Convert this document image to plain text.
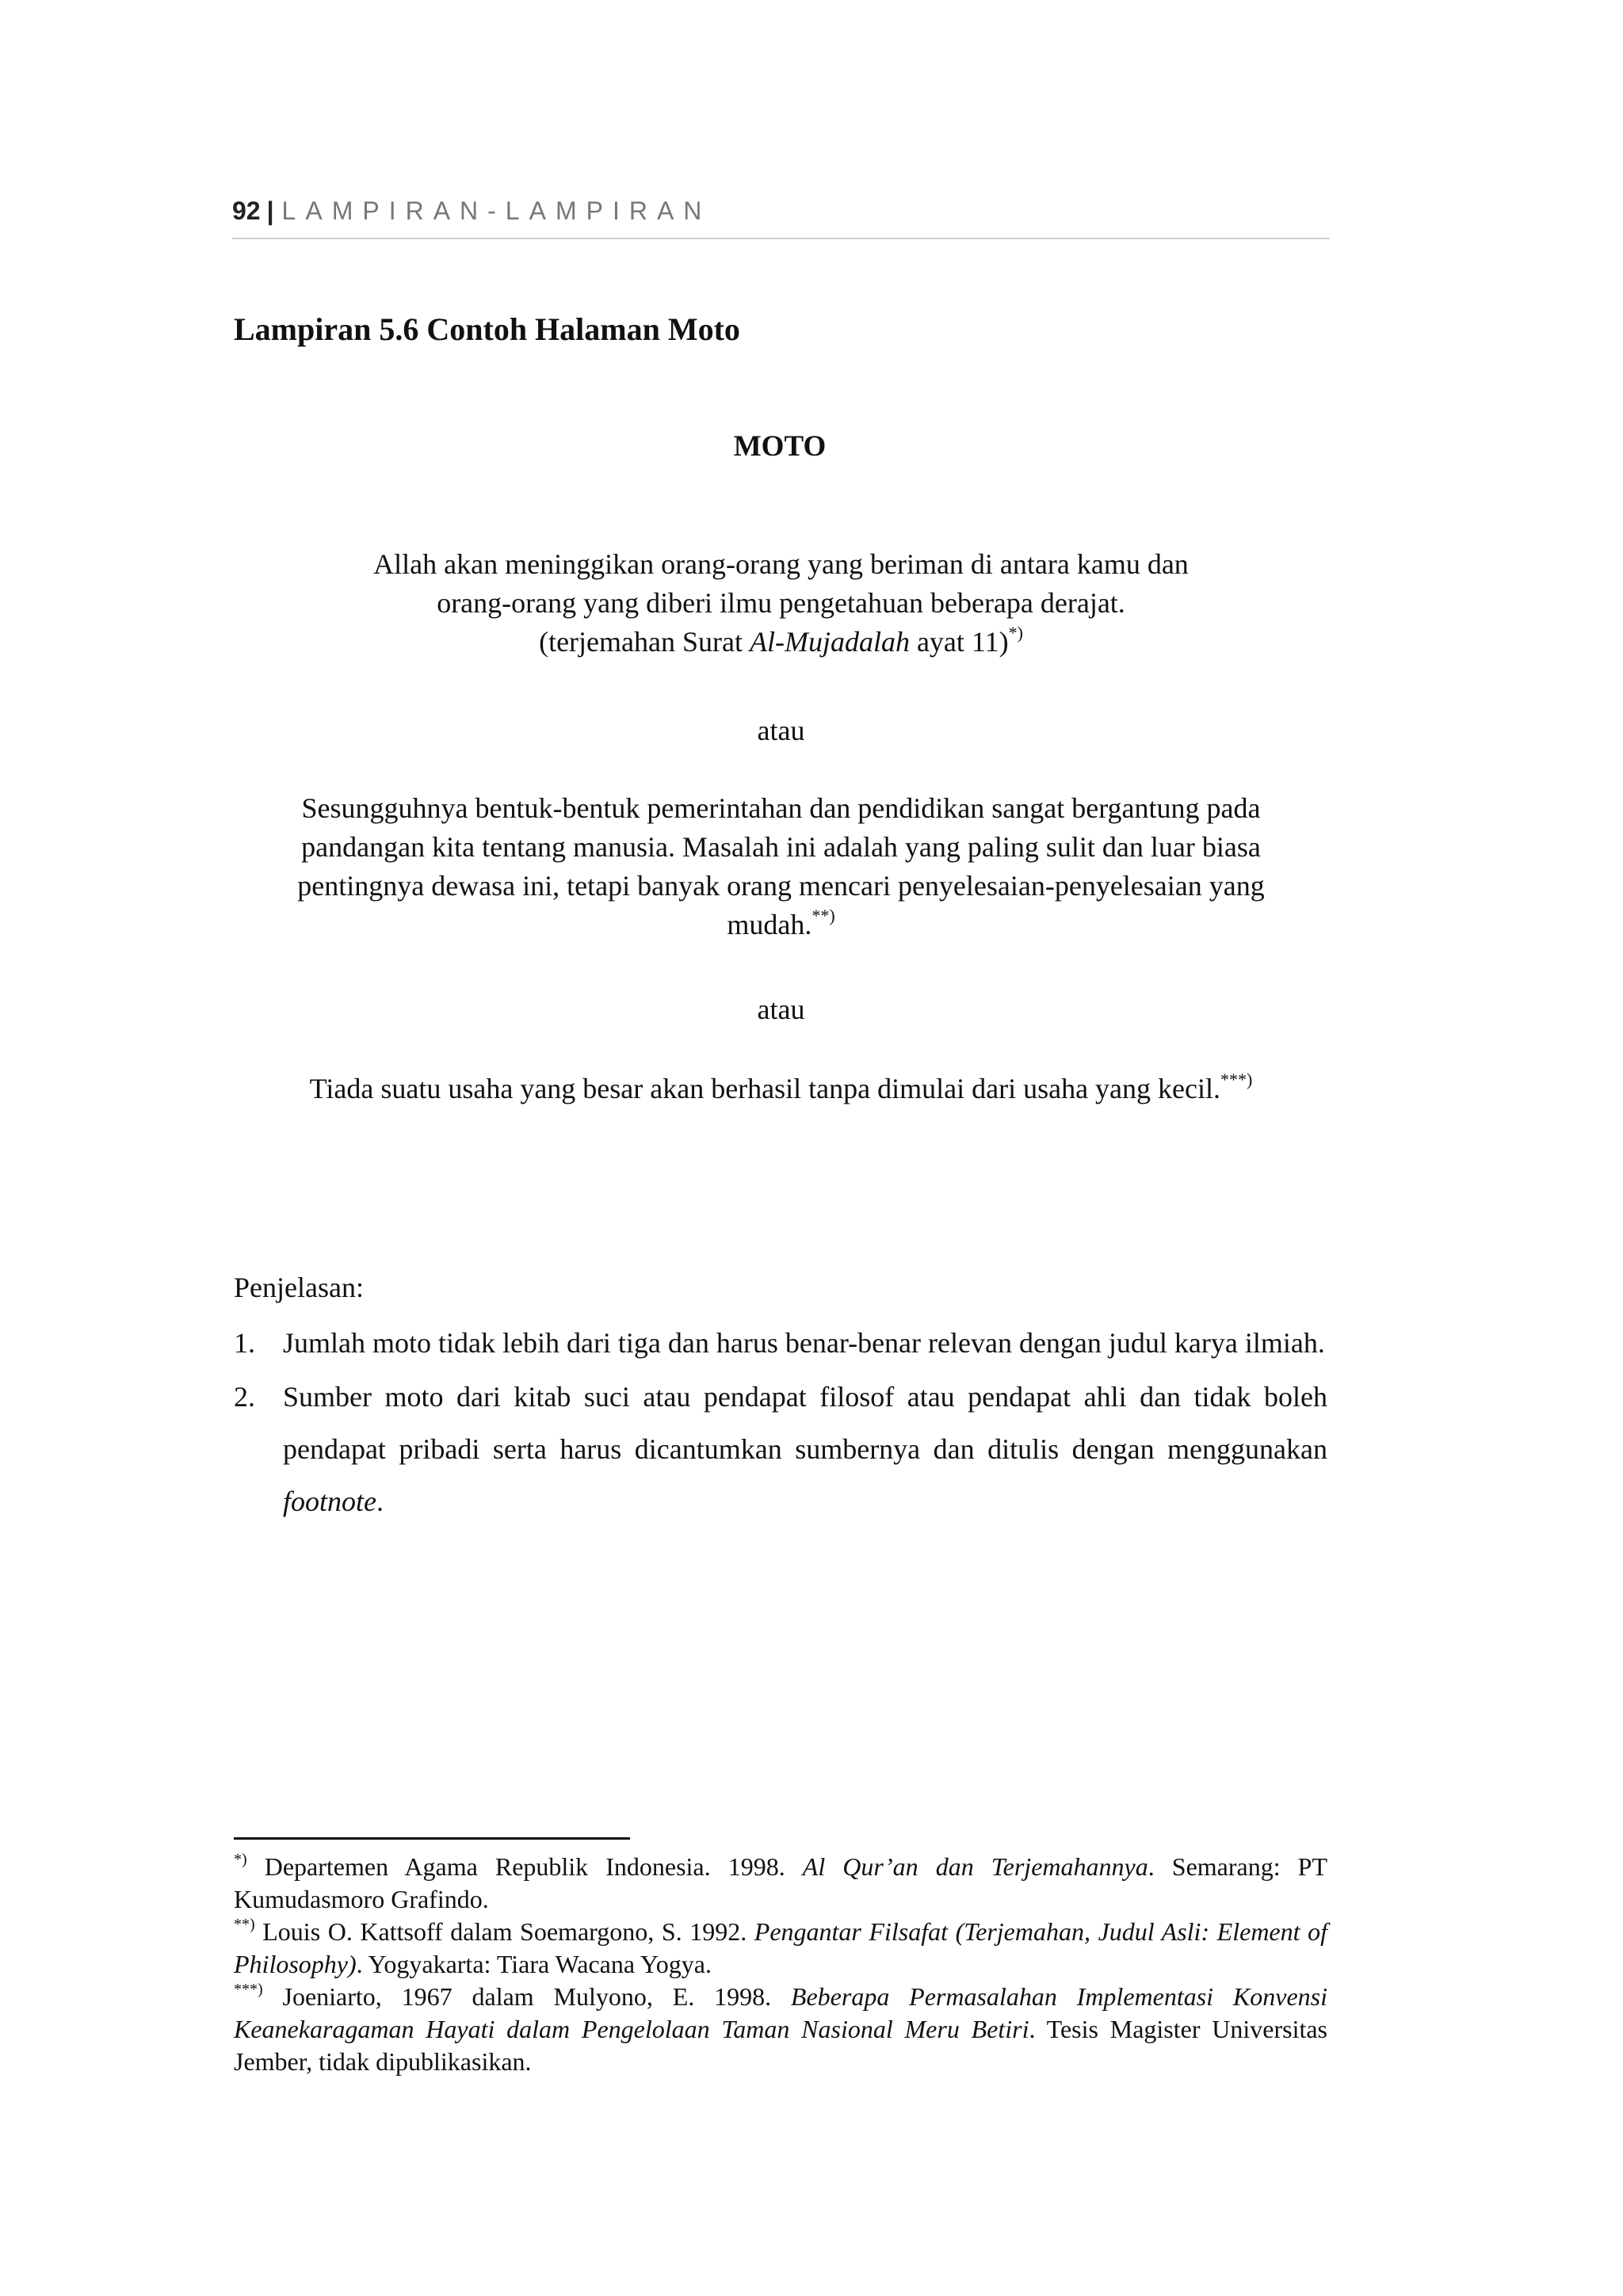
92 | LAMPIRAN-LAMPIRAN
Lampiran 5.6 Contoh Halaman Moto
MOTO

Allah akan meninggikan orang-orang yang beriman di antara kamu dan

orang-orang yang diberi ilmu pengetahuan beberapa derajat.

(terjemahan Surat Al-Mujadalah ayat 11)*)

atau

Sesungguhnya bentuk-bentuk pemerintahan dan pendidikan sangat bergantung pada

pandangan kita tentang manusia. Masalah ini adalah yang paling sulit dan luar biasa

pentingnya dewasa ini, tetapi banyak orang mencari penyelesaian-penyelesaian yang

mudah.**)

atau

Tiada suatu usaha yang besar akan berhasil tanpa dimulai dari usaha yang kecil.***)

Penjelasan:

1. Jumlah moto tidak lebih dari tiga dan harus benar-benar relevan dengan judul karya ilmiah.
2. Sumber moto dari kitab suci atau pendapat filosof atau pendapat ahli dan tidak boleh pendapat pribadi serta harus dicantumkan sumbernya dan ditulis dengan menggunakan footnote.

*) Departemen Agama Republik Indonesia. 1998. Al Qur’an dan Terjemahannya. Semarang: PT Kumudasmoro Grafindo.

**) Louis O. Kattsoff dalam Soemargono, S. 1992. Pengantar Filsafat (Terjemahan, Judul Asli: Element of Philosophy). Yogyakarta: Tiara Wacana Yogya.

***) Joeniarto, 1967 dalam Mulyono, E. 1998. Beberapa Permasalahan Implementasi Konvensi Keanekaragaman Hayati dalam Pengelolaan Taman Nasional Meru Betiri. Tesis Magister Universitas Jember, tidak dipublikasikan.
